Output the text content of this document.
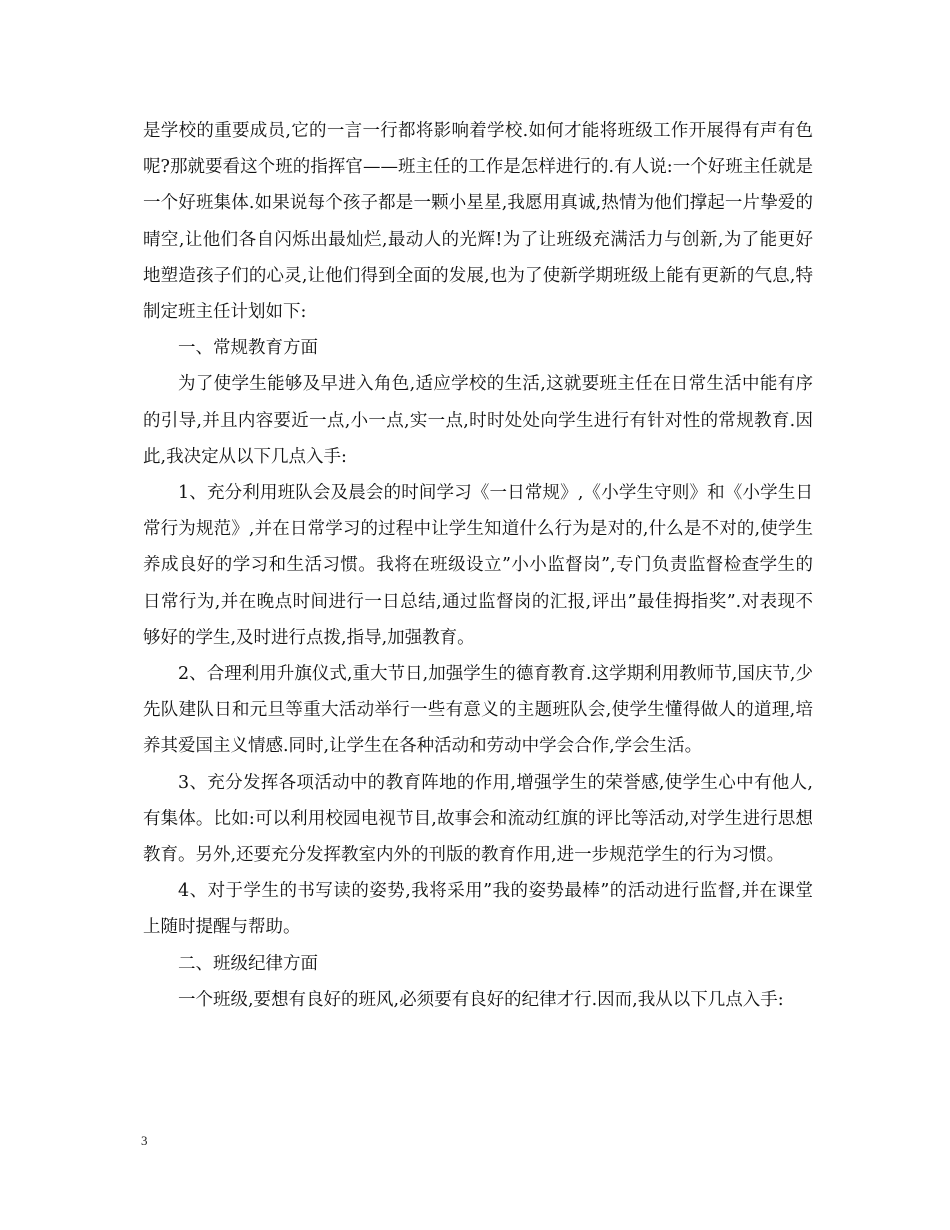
是学校的重要成员,它的一言一行都将影响着学校.如何才能将班级工作开展得有声有色呢?那就要看这个班的指挥官——班主任的工作是怎样进行的.有人说:一个好班主任就是一个好班集体.如果说每个孩子都是一颗小星星,我愿用真诚,热情为他们撑起一片挚爱的晴空,让他们各自闪烁出最灿烂,最动人的光辉!为了让班级充满活力与创新,为了能更好地塑造孩子们的心灵,让他们得到全面的发展,也为了使新学期班级上能有更新的气息,特制定班主任计划如下:

一、常规教育方面

为了使学生能够及早进入角色,适应学校的生活,这就要班主任在日常生活中能有序的引导,并且内容要近一点,小一点,实一点,时时处处向学生进行有针对性的常规教育.因此,我决定从以下几点入手:

1、充分利用班队会及晨会的时间学习《一日常规》,《小学生守则》和《小学生日常行为规范》,并在日常学习的过程中让学生知道什么行为是对的,什么是不对的,使学生养成良好的学习和生活习惯。我将在班级设立”小小监督岗”,专门负责监督检查学生的日常行为,并在晚点时间进行一日总结,通过监督岗的汇报,评出”最佳拇指奖”.对表现不够好的学生,及时进行点拨,指导,加强教育。

2、合理利用升旗仪式,重大节日,加强学生的德育教育.这学期利用教师节,国庆节,少先队建队日和元旦等重大活动举行一些有意义的主题班队会,使学生懂得做人的道理,培养其爱国主义情感.同时,让学生在各种活动和劳动中学会合作,学会生活。

3、充分发挥各项活动中的教育阵地的作用,增强学生的荣誉感,使学生心中有他人,有集体。比如:可以利用校园电视节目,故事会和流动红旗的评比等活动,对学生进行思想教育。另外,还要充分发挥教室内外的刊版的教育作用,进一步规范学生的行为习惯。

4、对于学生的书写读的姿势,我将采用”我的姿势最棒”的活动进行监督,并在课堂上随时提醒与帮助。

二、班级纪律方面

一个班级,要想有良好的班风,必须要有良好的纪律才行.因而,我从以下几点入手:

3
